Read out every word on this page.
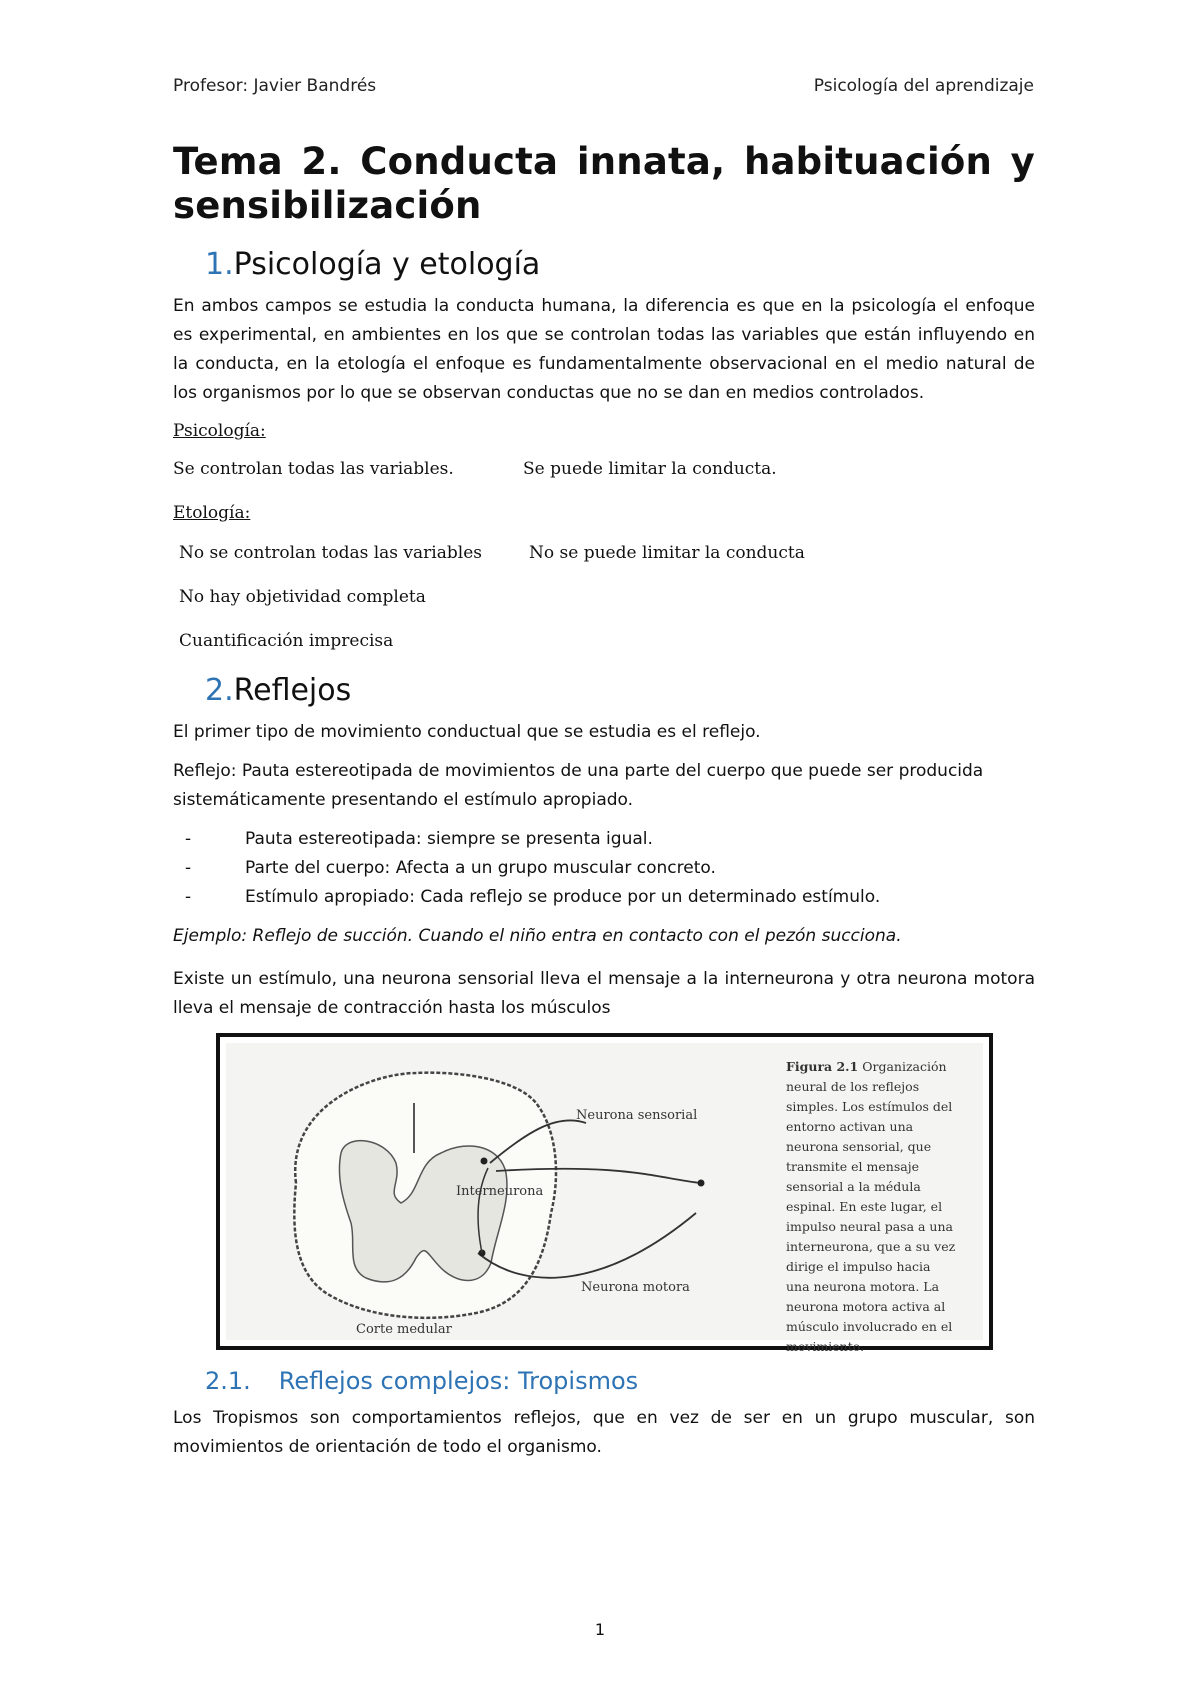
Profesor: Javier Bandrés	Psicología del aprendizaje
Tema 2. Conducta innata, habituación y
sensibilización
1.Psicología y etología

En ambos campos se estudia la conducta humana, la diferencia es que en la psicología el enfoque es experimental, en ambientes en los que se controlan todas las variables que están influyendo en la conducta, en la etología el enfoque es fundamentalmente observacional en el medio natural de los organismos por lo que se observan conductas que no se dan en medios controlados.

Psicología:
Se controlan todas las variables.	Se puede limitar la conducta.
Etología:
No se controlan todas las variables	No se puede limitar la conducta
No hay objetividad completa
Cuantificación imprecisa
2.Reflejos

El primer tipo de movimiento conductual que se estudia es el reflejo.

Reflejo: Pauta estereotipada de movimientos de una parte del cuerpo que puede ser producida sistemáticamente presentando el estímulo apropiado.

- Pauta estereotipada: siempre se presenta igual.
- Parte del cuerpo: Afecta a un grupo muscular concreto.
- Estímulo apropiado: Cada reflejo se produce por un determinado estímulo.

Ejemplo: Reflejo de succión. Cuando el niño entra en contacto con el pezón succiona.

Existe un estímulo, una neurona sensorial lleva el mensaje a la interneurona y otra neurona motora lleva el mensaje de contracción hasta los músculos

Neurona sensorial
Interneurona
Neurona motora
Corte medular
Figura 2.1 Organización neural de los reflejos simples. Los estímulos del entorno activan una neurona sensorial, que transmite el mensaje sensorial a la médula espinal. En este lugar, el impulso neural pasa a una interneurona, que a su vez dirige el impulso hacia una neurona motora. La neurona motora activa al músculo involucrado en el movimiento.
2.1. Reflejos complejos: Tropismos

Los Tropismos son comportamientos reflejos, que en vez de ser en un grupo muscular, son movimientos de orientación de todo el organismo.

1
